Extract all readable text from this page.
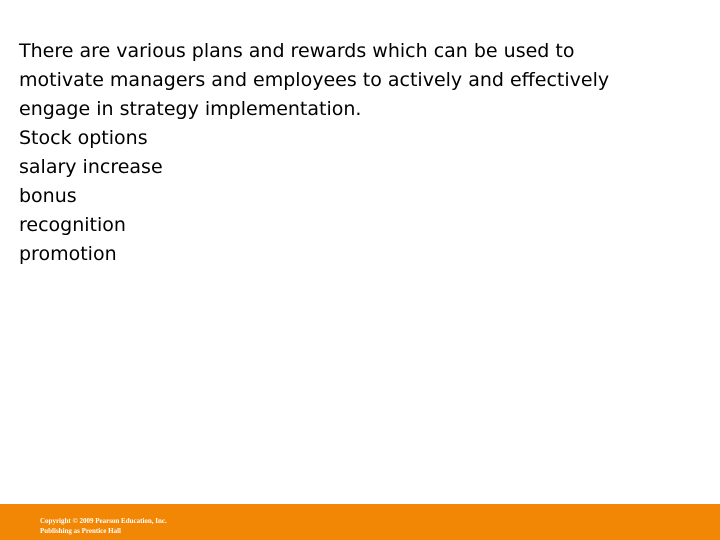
There are various plans and rewards which can be used to
motivate managers and employees to actively and effectively
engage in strategy implementation.
Stock options
salary increase
bonus
recognition
promotion
Copyright © 2009 Pearson Education, Inc.
Publishing as Prentice Hall
